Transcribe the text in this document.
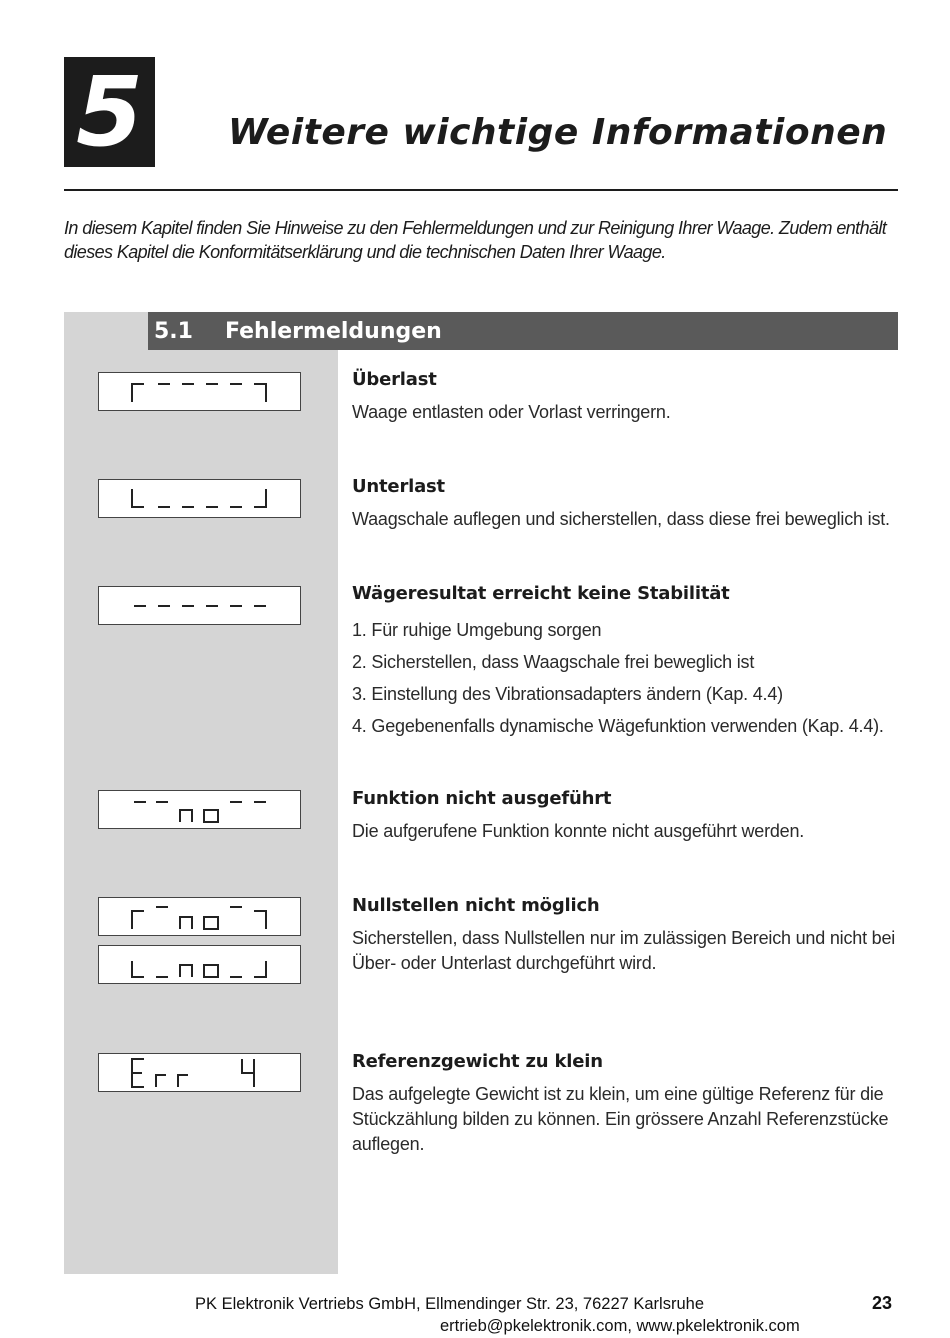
5 Weitere wichtige Informationen
In diesem Kapitel finden Sie Hinweise zu den Fehlermeldungen und zur Reinigung Ihrer Waage. Zudem enthält dieses Kapitel die Konformitätserklärung und die technischen Daten Ihrer Waage.
5.1 Fehlermeldungen
Überlast

Waage entlasten oder Vorlast verringern.

Unterlast

Waagschale auflegen und sicherstellen, dass diese frei beweglich ist.

Wägeresultat erreicht keine Stabilität
1. Für ruhige Umgebung sorgen
2. Sicherstellen, dass Waagschale frei beweglich ist
3. Einstellung des Vibrationsadapters ändern (Kap. 4.4)
4. Gegebenenfalls dynamische Wägefunktion verwenden (Kap. 4.4).
Funktion nicht ausgeführt

Die aufgerufene Funktion konnte nicht ausgeführt werden.

Nullstellen nicht möglich

Sicherstellen, dass Nullstellen nur im zulässigen Bereich und nicht bei Über- oder Unterlast durchgeführt wird.

Referenzgewicht zu klein

Das aufgelegte Gewicht ist zu klein, um eine gültige Referenz für die Stückzählung bilden zu können. Ein grössere Anzahl Referenzstücke auflegen.

PK Elektronik Vertriebs GmbH, Ellmendinger Str. 23, 76227 Karlsruhe
ertrieb@pkelektronik.com, www.pkelektronik.com
23
